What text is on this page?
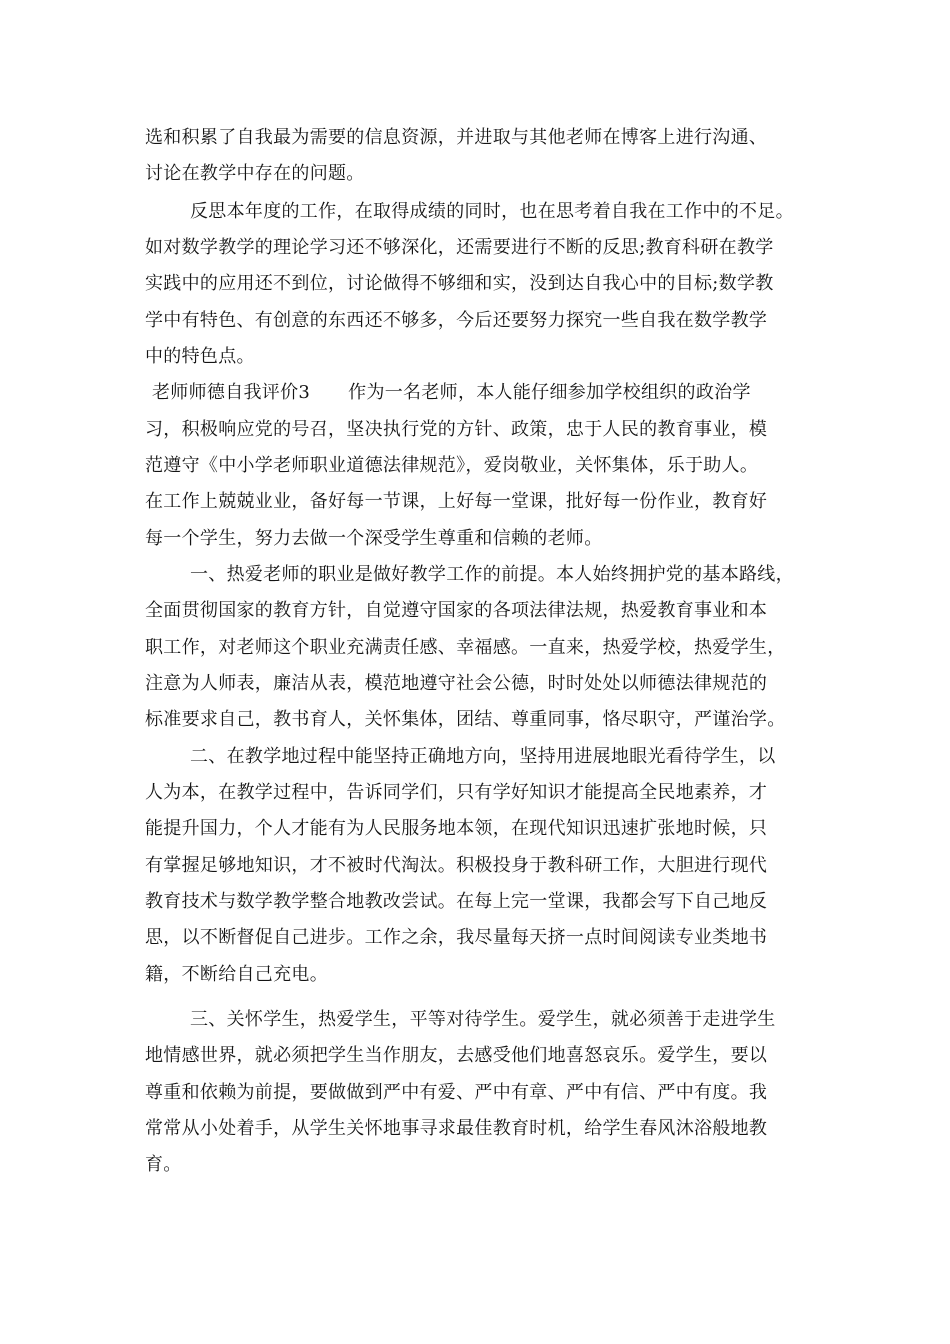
选和积累了自我最为需要的信息资源，并进取与其他老师在博客上进行沟通、

讨论在教学中存在的问题。

反思本年度的工作，在取得成绩的同时，也在思考着自我在工作中的不足。

如对数学教学的理论学习还不够深化，还需要进行不断的反思;教育科研在教学

实践中的应用还不到位，讨论做得不够细和实，没到达自我心中的目标;数学教

学中有特色、有创意的东西还不够多，今后还要努力探究一些自我在数学教学

中的特色点。

老师师德自我评价3 作为一名老师，本人能仔细参加学校组织的政治学

习，积极响应党的号召，坚决执行党的方针、政策，忠于人民的教育事业，模

范遵守《中小学老师职业道德法律规范》，爱岗敬业，关怀集体，乐于助人。

在工作上兢兢业业，备好每一节课，上好每一堂课，批好每一份作业，教育好

每一个学生，努力去做一个深受学生尊重和信赖的老师。

一、热爱老师的职业是做好教学工作的前提。本人始终拥护党的基本路线，

全面贯彻国家的教育方针，自觉遵守国家的各项法律法规，热爱教育事业和本

职工作，对老师这个职业充满责任感、幸福感。一直来，热爱学校，热爱学生，

注意为人师表，廉洁从表，模范地遵守社会公德，时时处处以师德法律规范的

标准要求自己，教书育人，关怀集体，团结、尊重同事，恪尽职守，严谨治学。

二、在教学地过程中能坚持正确地方向，坚持用进展地眼光看待学生，以

人为本，在教学过程中，告诉同学们，只有学好知识才能提高全民地素养，才

能提升国力，个人才能有为人民服务地本领，在现代知识迅速扩张地时候，只

有掌握足够地知识，才不被时代淘汰。积极投身于教科研工作，大胆进行现代

教育技术与数学教学整合地教改尝试。在每上完一堂课，我都会写下自己地反

思，以不断督促自己进步。工作之余，我尽量每天挤一点时间阅读专业类地书

籍，不断给自己充电。

三、关怀学生，热爱学生，平等对待学生。爱学生，就必须善于走进学生

地情感世界，就必须把学生当作朋友，去感受他们地喜怒哀乐。爱学生，要以

尊重和依赖为前提，要做做到严中有爱、严中有章、严中有信、严中有度。我

常常从小处着手，从学生关怀地事寻求最佳教育时机，给学生春风沐浴般地教

育。
